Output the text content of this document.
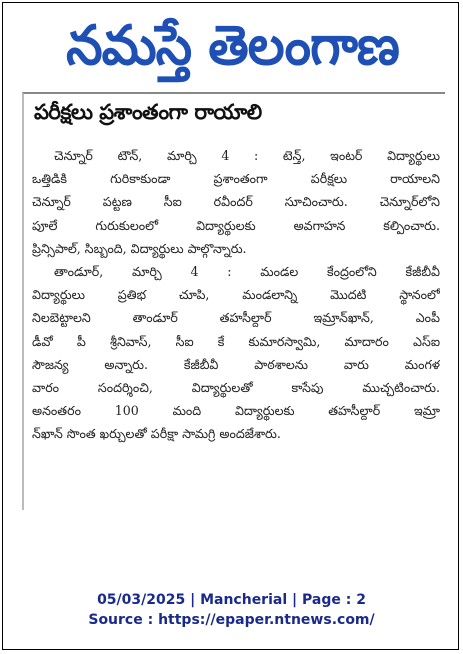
నమస్తే తెలంగాణ
పరీక్షలు ప్రశాంతంగా రాయాలి
చెన్నూర్ టౌన్, మార్చి 4 : టెన్త్, ఇంటర్ విద్యార్థులు
ఒత్తిడికి గురికాకుండా ప్రశాంతంగా పరీక్షలు రాయాలని
చెన్నూర్ పట్టణ సీఐ రవీందర్ సూచించారు. చెన్నూర్‌లోని
పూలే గురుకులంలో విద్యార్థులకు అవగాహన కల్పించారు.
ప్రిన్సిపాల్, సిబ్బంది, విద్యార్థులు పాల్గొన్నారు.
తాండూర్, మార్చి 4 : మండల కేంద్రంలోని కేజీబీవీ
విద్యార్థులు ప్రతిభ చూపి, మండలాన్ని మొదటి స్థానంలో
నిలబెట్టాలని తాండూర్ తహసీల్దార్ ఇమ్రాన్‌ఖాన్, ఎంపీ
డీవో పీ శ్రీనివాస్, సీఐ కే కుమారస్వామి, మాదారం ఎస్ఐ
సౌజన్య అన్నారు. కేజీబీవీ పాఠశాలను వారు మంగళ
వారం సందర్శించి, విద్యార్థులతో కాసేపు ముచ్చటించారు.
అనంతరం 100 మంది విద్యార్థులకు తహసీల్దార్ ఇమ్రా
న్‌ఖాన్ సొంత ఖర్చులతో పరీక్షా సామగ్రి అందజేశారు.
05/03/2025 | Mancherial | Page : 2
Source : https://epaper.ntnews.com/
